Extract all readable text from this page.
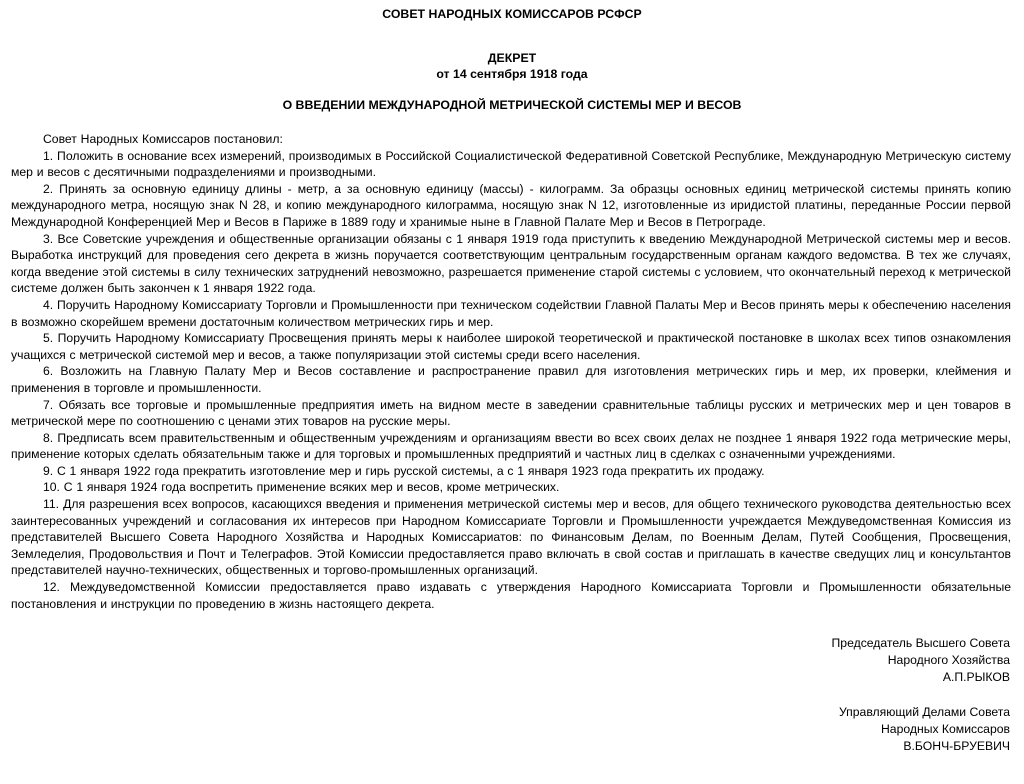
СОВЕТ НАРОДНЫХ КОМИССАРОВ РСФСР
ДЕКРЕТ
от 14 сентября 1918 года
О ВВЕДЕНИИ МЕЖДУНАРОДНОЙ МЕТРИЧЕСКОЙ СИСТЕМЫ МЕР И ВЕСОВ

Совет Народных Комиссаров постановил:

1. Положить в основание всех измерений, производимых в Российской Социалистической Федеративной Советской Республике, Международную Метрическую систему мер и весов с десятичными подразделениями и производными.

2. Принять за основную единицу длины - метр, а за основную единицу (массы) - килограмм. За образцы основных единиц метрической системы принять копию международного метра, носящую знак N 28, и копию международного килограмма, носящую знак N 12, изготовленные из иридистой платины, переданные России первой Международной Конференцией Мер и Весов в Париже в 1889 году и хранимые ныне в Главной Палате Мер и Весов в Петрограде.

3. Все Советские учреждения и общественные организации обязаны с 1 января 1919 года приступить к введению Международной Метрической системы мер и весов. Выработка инструкций для проведения сего декрета в жизнь поручается соответствующим центральным государственным органам каждого ведомства. В тех же случаях, когда введение этой системы в силу технических затруднений невозможно, разрешается применение старой системы с условием, что окончательный переход к метрической системе должен быть закончен к 1 января 1922 года.

4. Поручить Народному Комиссариату Торговли и Промышленности при техническом содействии Главной Палаты Мер и Весов принять меры к обеспечению населения в возможно скорейшем времени достаточным количеством метрических гирь и мер.

5. Поручить Народному Комиссариату Просвещения принять меры к наиболее широкой теоретической и практической постановке в школах всех типов ознакомления учащихся с метрической системой мер и весов, а также популяризации этой системы среди всего населения.

6. Возложить на Главную Палату Мер и Весов составление и распространение правил для изготовления метрических гирь и мер, их проверки, клеймения и применения в торговле и промышленности.

7. Обязать все торговые и промышленные предприятия иметь на видном месте в заведении сравнительные таблицы русских и метрических мер и цен товаров в метрической мере по соотношению с ценами этих товаров на русские меры.

8. Предписать всем правительственным и общественным учреждениям и организациям ввести во всех своих делах не позднее 1 января 1922 года метрические меры, применение которых сделать обязательным также и для торговых и промышленных предприятий и частных лиц в сделках с означенными учреждениями.

9. С 1 января 1922 года прекратить изготовление мер и гирь русской системы, а с 1 января 1923 года прекратить их продажу.

10. С 1 января 1924 года воспретить применение всяких мер и весов, кроме метрических.

11. Для разрешения всех вопросов, касающихся введения и применения метрической системы мер и весов, для общего технического руководства деятельностью всех заинтересованных учреждений и согласования их интересов при Народном Комиссариате Торговли и Промышленности учреждается Междуведомственная Комиссия из представителей Высшего Совета Народного Хозяйства и Народных Комиссариатов: по Финансовым Делам, по Военным Делам, Путей Сообщения, Просвещения, Земледелия, Продовольствия и Почт и Телеграфов. Этой Комиссии предоставляется право включать в свой состав и приглашать в качестве сведущих лиц и консультантов представителей научно-технических, общественных и торгово-промышленных организаций.

12. Междуведомственной Комиссии предоставляется право издавать с утверждения Народного Комиссариата Торговли и Промышленности обязательные постановления и инструкции по проведению в жизнь настоящего декрета.

Председатель Высшего Совета
Народного Хозяйства
А.П.РЫКОВ
Управляющий Делами Совета
Народных Комиссаров
В.БОНЧ-БРУЕВИЧ
